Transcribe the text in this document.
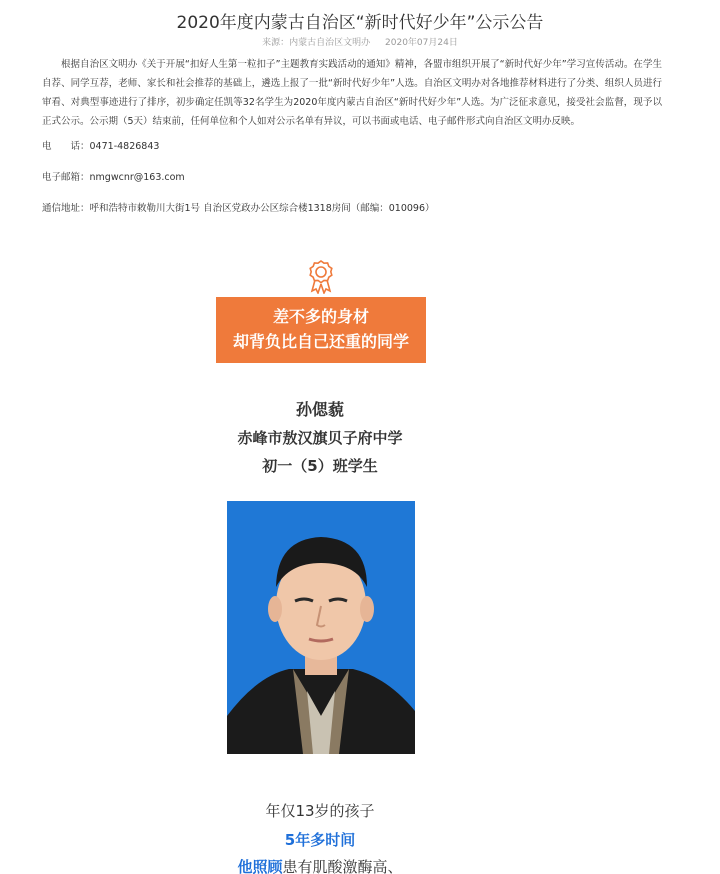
2020年度内蒙古自治区“新时代好少年”公示公告
来源：内蒙古自治区文明办 2020年07月24日

根据自治区文明办《关于开展“扣好人生第一粒扣子”主题教育实践活动的通知》精神，各盟市组织开展了“新时代好少年”学习宣传活动。在学生自荐、同学互荐，老师、家长和社会推荐的基础上，遴选上报了一批“新时代好少年”人选。自治区文明办对各地推荐材料进行了分类、组织人员进行审看、对典型事迹进行了排序，初步确定任凯等32名学生为2020年度内蒙古自治区“新时代好少年”人选。为广泛征求意见，接受社会监督，现予以正式公示。公示期（5天）结束前，任何单位和个人如对公示名单有异议，可以书面或电话、电子邮件形式向自治区文明办反映。

电　　话：0471-4826843
电子邮箱：nmgwcnr@163.com
通信地址：呼和浩特市敕勒川大街1号 自治区党政办公区综合楼1318房间（邮编：010096）
差不多的身材
却背负比自己还重的同学
孙偲藐
赤峰市敖汉旗贝子府中学
初一（5）班学生
年仅13岁的孩子
5年多时间
他照顾患有肌酸激酶高、
